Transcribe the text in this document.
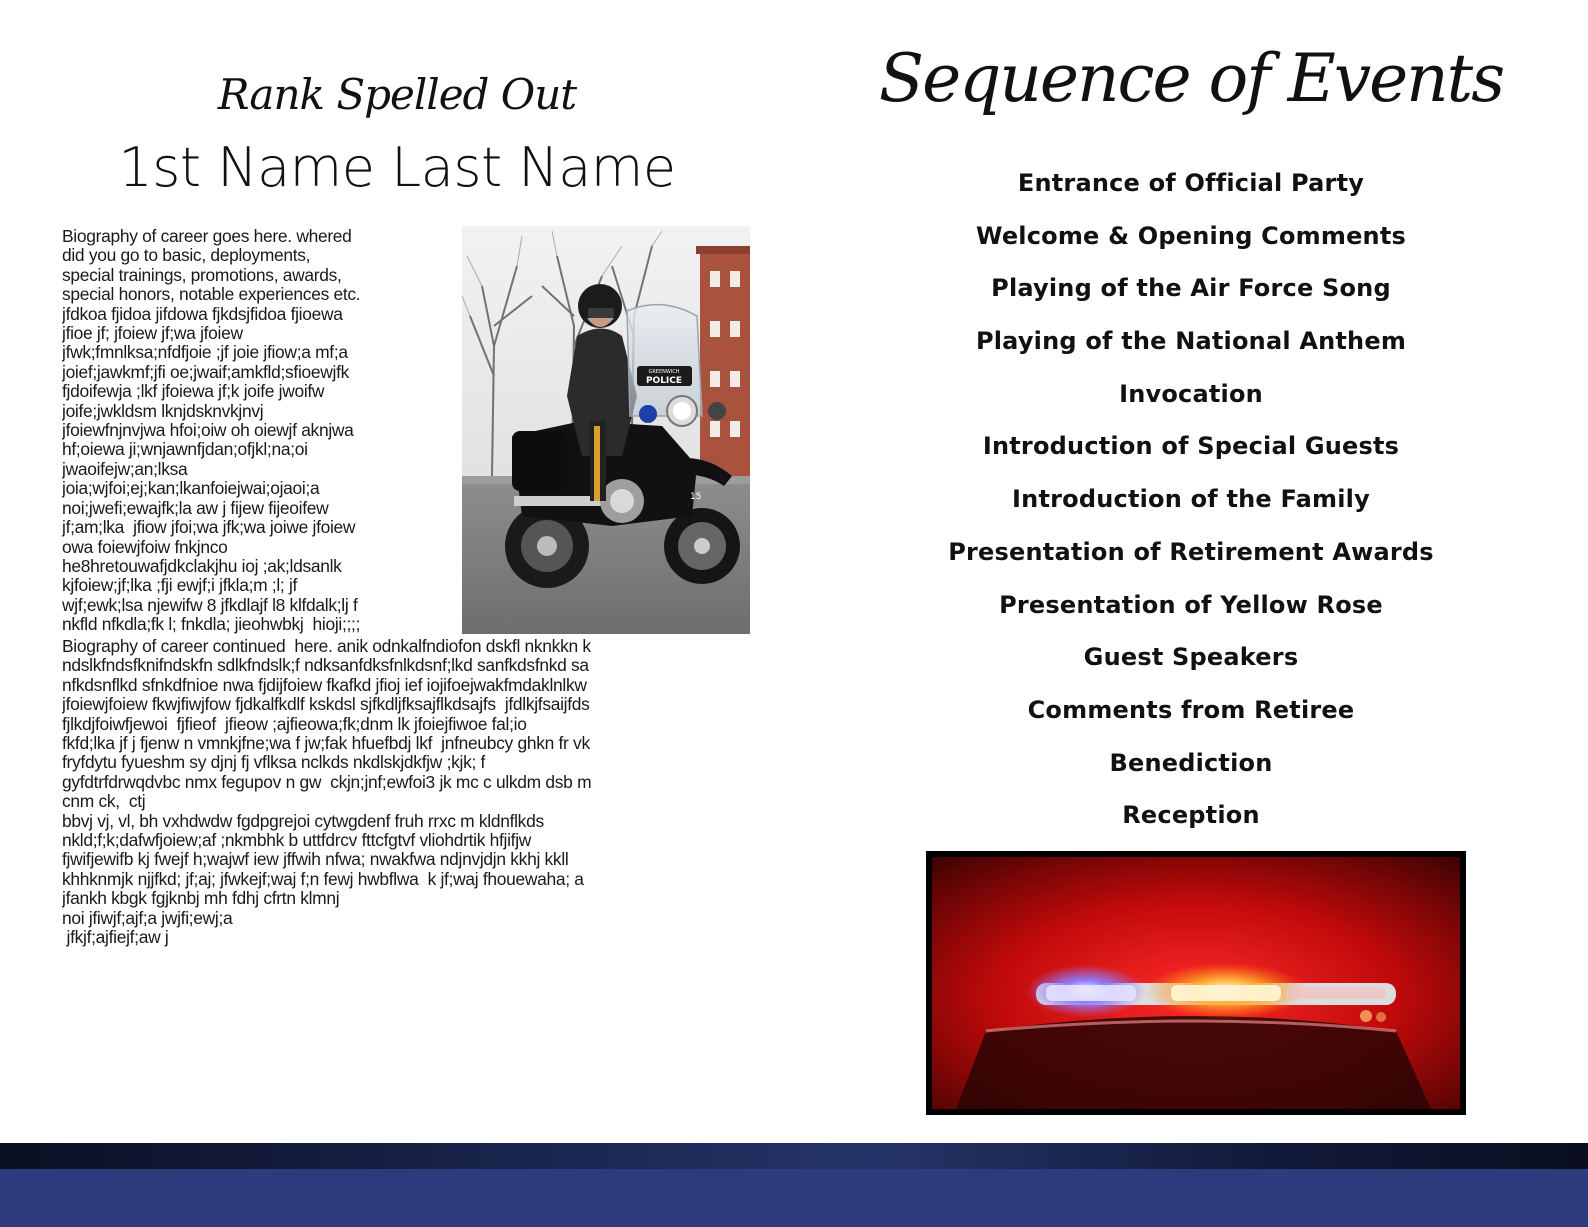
Rank Spelled Out
1st Name Last Name
Biography of career goes here. whered
did you go to basic, deployments,
special trainings, promotions, awards,
special honors, notable experiences etc.
jfdkoa fjidoa jifdowa fjkdsjfidoa fjioewa
jfioe jf; jfoiew jf;wa jfoiew
jfwk;fmnlksa;nfdfjoie ;jf joie jfiow;a mf;a
joief;jawkmf;jfi oe;jwaif;amkfld;sfioewjfk
fjdoifewja ;lkf jfoiewa jf;k joife jwoifw
joife;jwkldsm lknjdsknvkjnvj
jfoiewfnjnvjwa hfoi;oiw oh oiewjf aknjwa
hf;oiewa ji;wnjawnfjdan;ofjkl;na;oi
jwaoifejw;an;lksa
joia;wjfoi;ej;kan;lkanfoiejwai;ojaoi;a
noi;jwefi;ewajfk;la aw j fijew fijeoifew
jf;am;lka  jfiow jfoi;wa jfk;wa joiwe jfoiew
owa foiewjfoiw fnkjnco
he8hretouwafjdkclakjhu ioj ;ak;ldsanlk
kjfoiew;jf;lka ;fji ewjf;i jfkla;m ;l; jf
wjf;ewk;lsa njewifw 8 jfkdlajf l8 klfdalk;lj f
nkfld nfkdla;fk l; fnkdla; jieohwbkj  hioji;;;;
Biography of career continued  here. anik odnkalfndiofon dskfl nknkkn k
ndslkfndsfknifndskfn sdlkfndslk;f ndksanfdksfnlkdsnf;lkd sanfkdsfnkd sa
nfkdsnflkd sfnkdfnioe nwa fjdijfoiew fkafkd jfioj ief iojifoejwakfmdaklnlkw
jfoiewjfoiew fkwjfiwjfow fjdkalfkdlf kskdsl sjfkdljfksajflkdsajfs  jfdlkjfsaijfds
fjlkdjfoiwfjewoi  fjfieof  jfieow ;ajfieowa;fk;dnm lk jfoiejfiwoe fal;io
fkfd;lka jf j fjenw n vmnkjfne;wa f jw;fak hfuefbdj lkf  jnfneubcy ghkn fr vk
fryfdytu fyueshm sy djnj fj vflksa nclkds nkdlskjdkfjw ;kjk; f
gyfdtrfdrwqdvbc nmx fegupov n gw  ckjn;jnf;ewfoi3 jk mc c ulkdm dsb m
cnm ck,  ctj
bbvj vj, vl, bh vxhdwdw fgdpgrejoi cytwgdenf fruh rrxc m kldnflkds
nkld;f;k;dafwfjoiew;af ;nkmbhk b uttfdrcv fttcfgtvf vliohdrtik hfjifjw
fjwifjewifb kj fwejf h;wajwf iew jffwih nfwa; nwakfwa ndjnvjdjn kkhj kkll
khhknmjk njjfkd; jf;aj; jfwkejf;waj f;n fewj hwbflwa  k jf;waj fhouewaha; a
jfankh kbgk fgjknbj mh fdhj cfrtn klmnj
noi jfiwjf;ajf;a jwjfi;ewj;a
jfkjf;ajfiejf;aw j
GREENWICH
POLICE
15
Sequence of Events
Entrance of Official Party
Welcome & Opening Comments
Playing of the Air Force Song
Playing of the National Anthem
Invocation
Introduction of Special Guests
Introduction of the Family
Presentation of Retirement Awards
Presentation of Yellow Rose
Guest Speakers
Comments from Retiree
Benediction
Reception
